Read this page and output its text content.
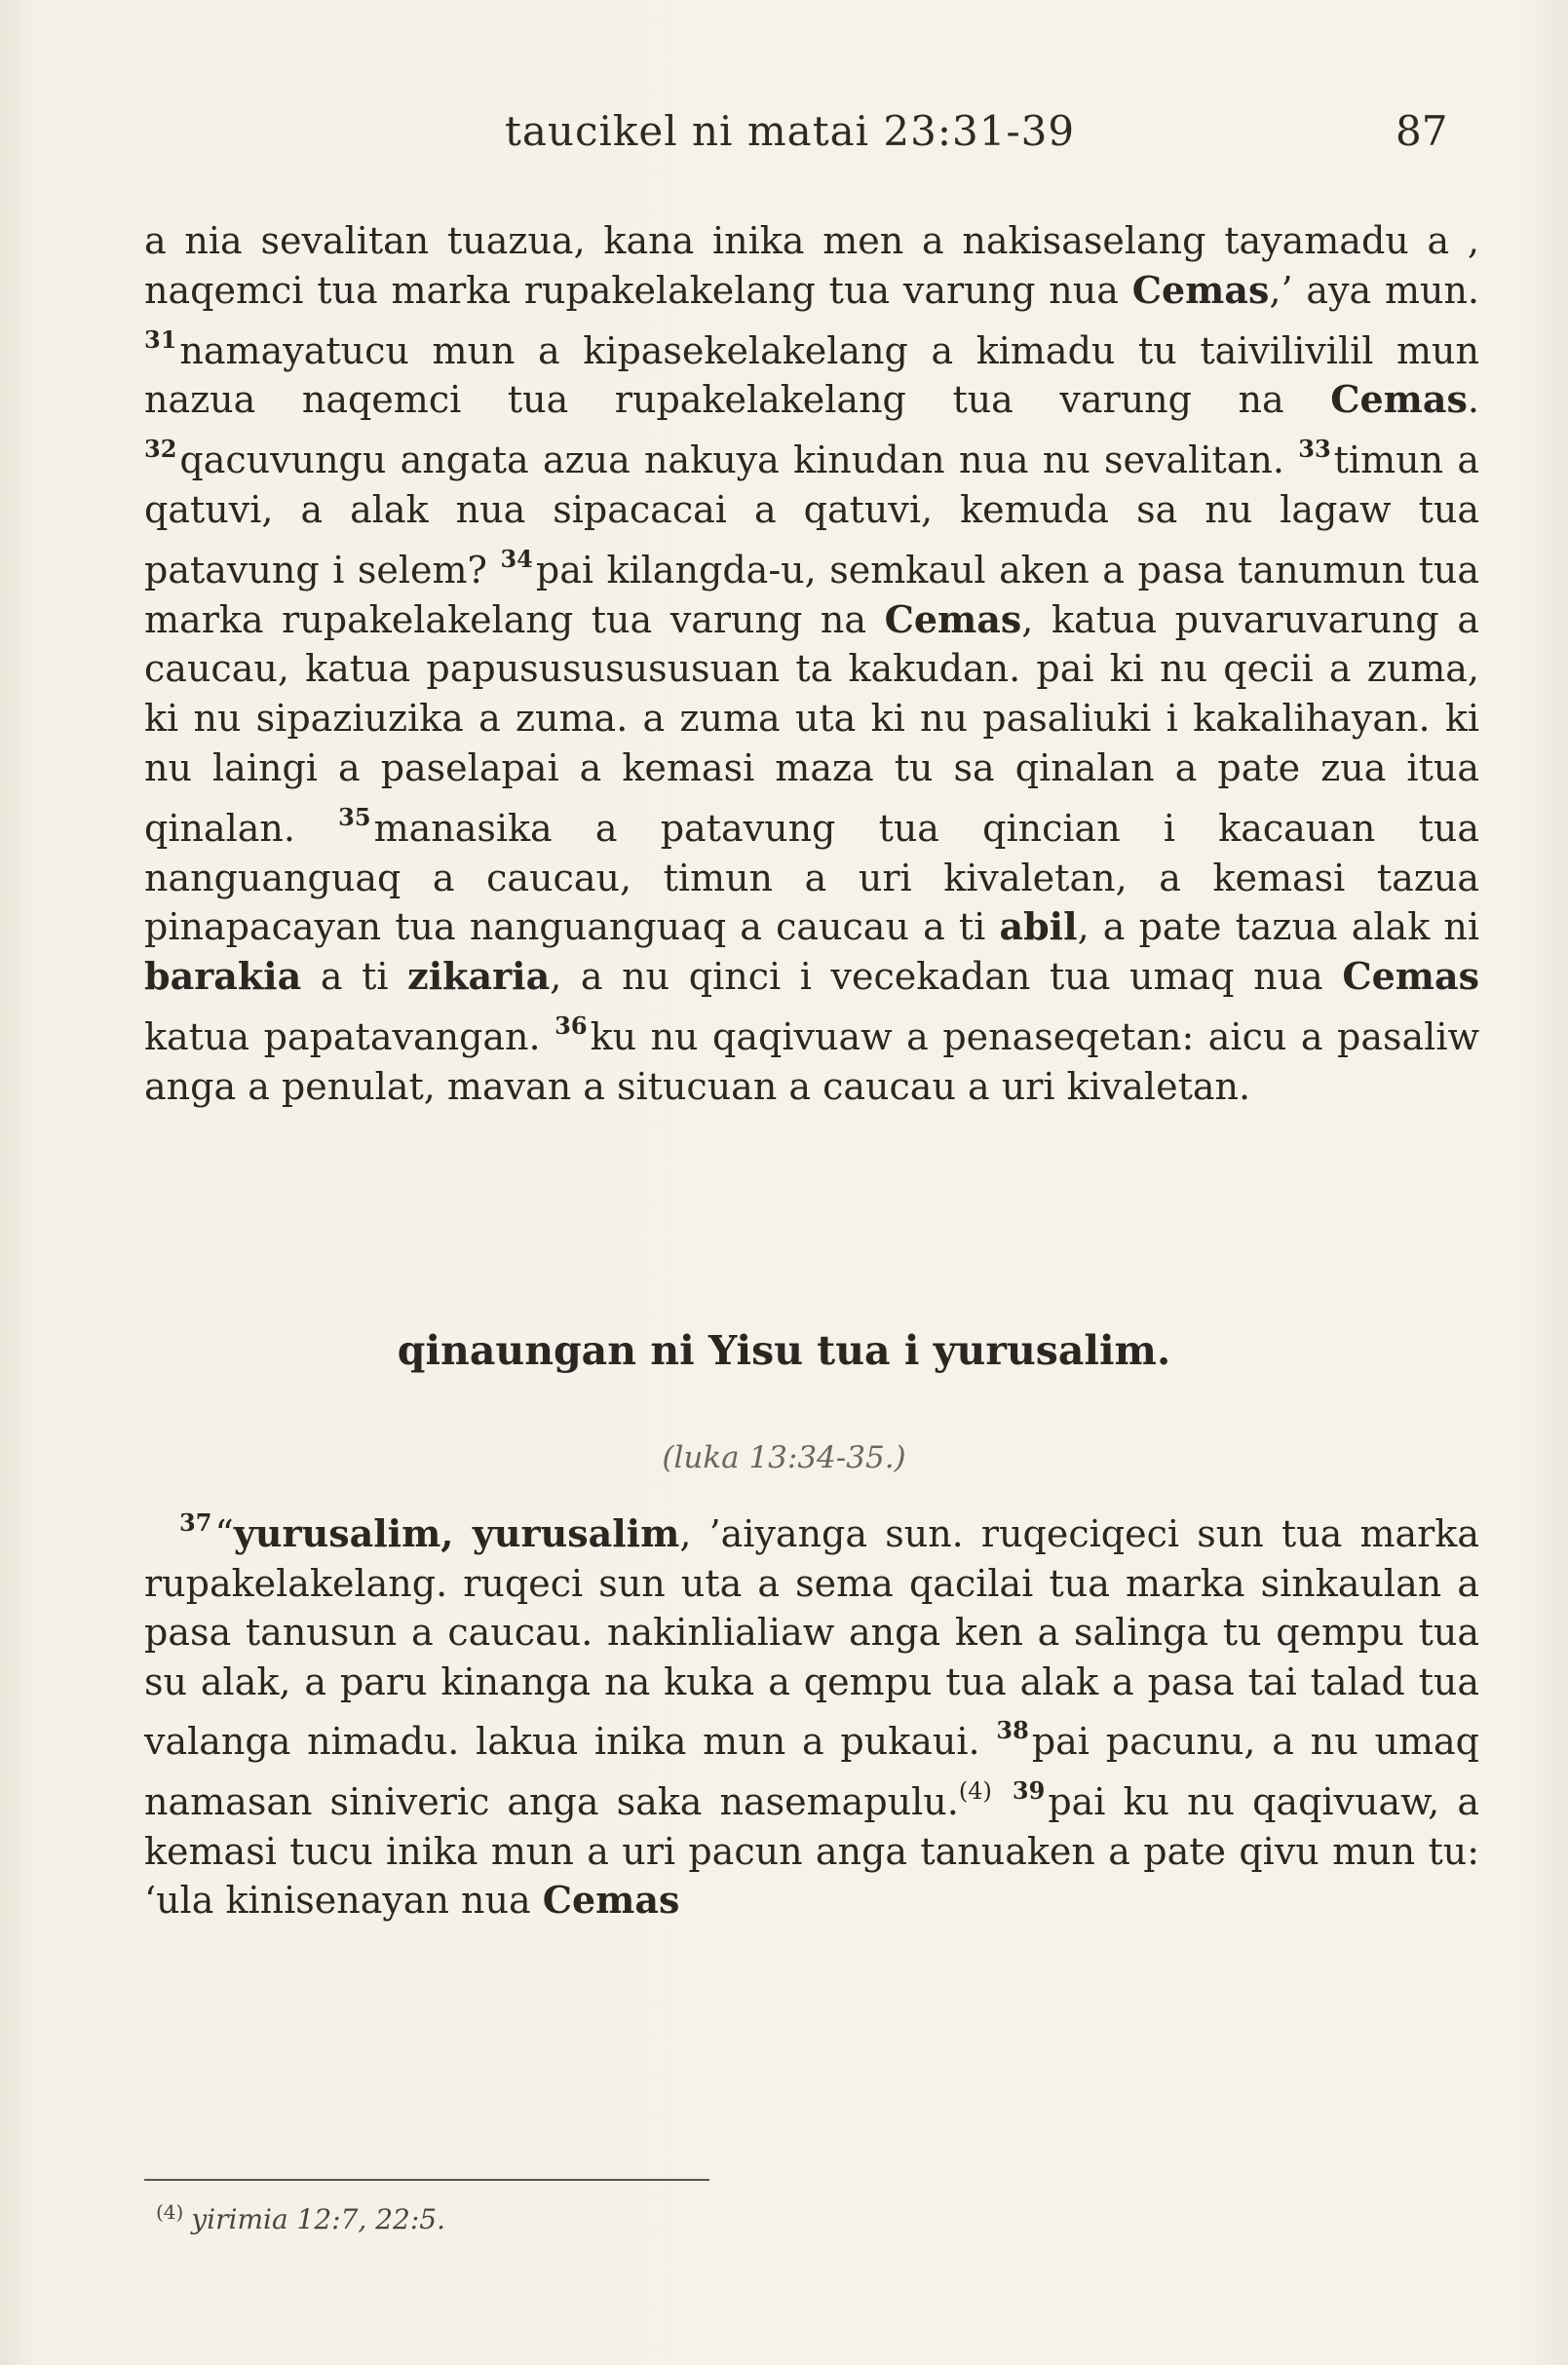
taucikel ni matai 23:31-39	87

a nia sevalitan tuazua, kana inika men a nakisaselang tayamadu a , naqemci tua marka rupakelakelang tua varung nua Cemas,’ aya mun. $^{31}$namayatucu mun a kipasekelakelang a kimadu tu taivilivilil mun nazua naqemci tua rupakelakelang tua varung na Cemas. $^{32}$qacuvungu angata azua nakuya kinudan nua nu sevalitan. $^{33}$timun a qatuvi, a alak nua sipacacai a qatuvi, kemuda sa nu lagaw tua patavung i selem? $^{34}$pai kilangda-u, semkaul aken a pasa tanumun tua marka rupakelakelang tua varung na Cemas, katua puvaruvarung a caucau, katua papusususususuan ta kakudan. pai ki nu qecii a zuma, ki nu sipaziuzika a zuma. a zuma uta ki nu pasaliuki i kakalihayan. ki nu laingi a paselapai a kemasi maza tu sa qinalan a pate zua itua qinalan. $^{35}$manasika a patavung tua qincian i kacauan tua nanguanguaq a caucau, timun a uri kivaletan, a kemasi tazua pinapacayan tua nanguanguaq a caucau a ti abil, a pate tazua alak ni barakia a ti zikaria, a nu qinci i vecekadan tua umaq nua Cemas katua papatavangan. $^{36}$ku nu qaqivuaw a penaseqetan: aicu a pasaliw anga a penulat, mavan a situcuan a caucau a uri kivaletan.

qinaungan ni Yisu tua i yurusalim.
(luka 13:34-35.)

$^{37}$“yurusalim, yurusalim, ’aiyanga sun. ruqeciqeci sun tua marka rupakelakelang. ruqeci sun uta a sema qacilai tua marka sinkaulan a pasa tanusun a caucau. nakinlialiaw anga ken a salinga tu qempu tua su alak, a paru kinanga na kuka a qempu tua alak a pasa tai talad tua valanga nimadu. lakua inika mun a pukaui. $^{38}$pai pacunu, a nu umaq namasan siniveric anga saka nasemapulu.$^{(4)}$ $^{39}$pai ku nu qaqivuaw, a kemasi tucu inika mun a uri pacun anga tanuaken a pate qivu mun tu: ‘ula kinisenayan nua Cemas

$^{(4)}$ yirimia 12:7, 22:5.
